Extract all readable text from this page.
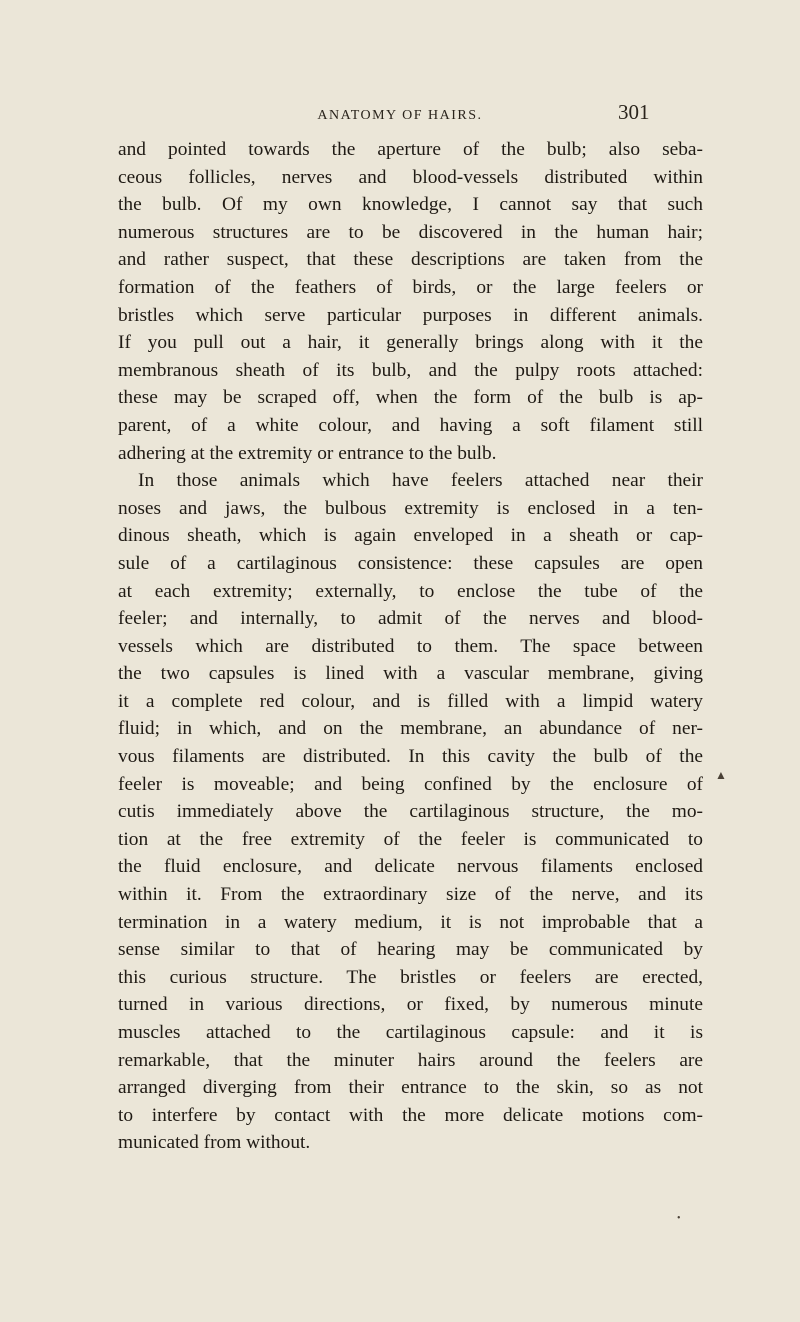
ANATOMY OF HAIRS.	301
and pointed towards the aperture of the bulb; also seba-
ceous follicles, nerves and blood-vessels distributed within
the bulb. Of my own knowledge, I cannot say that such
numerous structures are to be discovered in the human hair;
and rather suspect, that these descriptions are taken from the
formation of the feathers of birds, or the large feelers or
bristles which serve particular purposes in different animals.
If you pull out a hair, it generally brings along with it the
membranous sheath of its bulb, and the pulpy roots attached:
these may be scraped off, when the form of the bulb is ap-
parent, of a white colour, and having a soft filament still
adhering at the extremity or entrance to the bulb.
In those animals which have feelers attached near their
noses and jaws, the bulbous extremity is enclosed in a ten-
dinous sheath, which is again enveloped in a sheath or cap-
sule of a cartilaginous consistence: these capsules are open
at each extremity; externally, to enclose the tube of the
feeler; and internally, to admit of the nerves and blood-
vessels which are distributed to them. The space between
the two capsules is lined with a vascular membrane, giving
it a complete red colour, and is filled with a limpid watery
fluid; in which, and on the membrane, an abundance of ner-
vous filaments are distributed. In this cavity the bulb of the
feeler is moveable; and being confined by the enclosure of
cutis immediately above the cartilaginous structure, the mo-
tion at the free extremity of the feeler is communicated to
the fluid enclosure, and delicate nervous filaments enclosed
within it. From the extraordinary size of the nerve, and its
termination in a watery medium, it is not improbable that a
sense similar to that of hearing may be communicated by
this curious structure. The bristles or feelers are erected,
turned in various directions, or fixed, by numerous minute
muscles attached to the cartilaginous capsule: and it is
remarkable, that the minuter hairs around the feelers are
arranged diverging from their entrance to the skin, so as not
to interfere by contact with the more delicate motions com-
municated from without.
▲
•
